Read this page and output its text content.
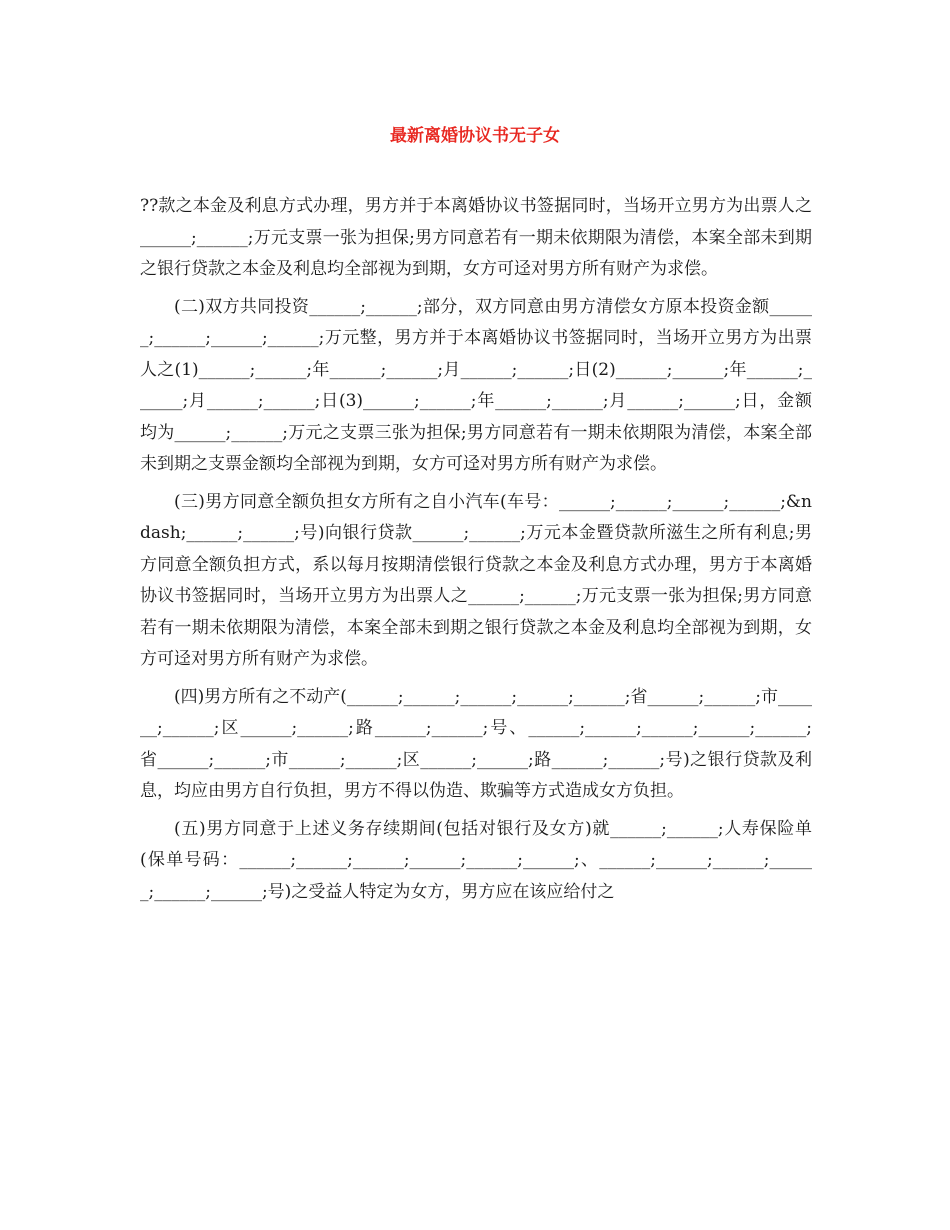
最新离婚协议书无子女

??款之本金及利息方式办理，男方并于本离婚协议书签据同时，当场开立男方为出票人之______;______;万元支票一张为担保;男方同意若有一期未依期限为清偿，本案全部未到期之银行贷款之本金及利息均全部视为到期，女方可迳对男方所有财产为求偿。

(二)双方共同投资______;______;部分，双方同意由男方清偿女方原本投资金额______;______;______;______;万元整，男方并于本离婚协议书签据同时，当场开立男方为出票人之(1)______;______;年______;______;月______;______;日(2)______;______;年______;______;月______;______;日(3)______;______;年______;______;月______;______;日，金额均为______;______;万元之支票三张为担保;男方同意若有一期未依期限为清偿，本案全部未到期之支票金额均全部视为到期，女方可迳对男方所有财产为求偿。

(三)男方同意全额负担女方所有之自小汽车(车号：______;______;______;______;&ndash;______;______;号)向银行贷款______;______;万元本金暨贷款所滋生之所有利息;男方同意全额负担方式，系以每月按期清偿银行贷款之本金及利息方式办理，男方于本离婚协议书签据同时，当场开立男方为出票人之______;______;万元支票一张为担保;男方同意若有一期未依期限为清偿，本案全部未到期之银行贷款之本金及利息均全部视为到期，女方可迳对男方所有财产为求偿。

(四)男方所有之不动产(______;______;______;______;______;省______;______;市______;______;区______;______;路______;______;号、______;______;______;______;______;省______;______;市______;______;区______;______;路______;______;号)之银行贷款及利息，均应由男方自行负担，男方不得以伪造、欺骗等方式造成女方负担。

(五)男方同意于上述义务存续期间(包括对银行及女方)就______;______;人寿保险单(保单号码：______;______;______;______;______;______;、______;______;______;______;______;______;号)之受益人特定为女方，男方应在该应给付之
